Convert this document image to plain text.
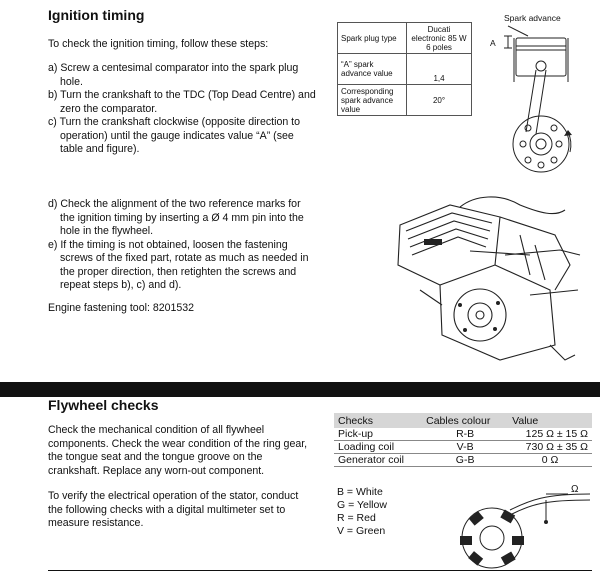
Ignition timing

To check the ignition timing, follow these steps:

a) Screw a centesimal comparator into the spark plug hole.
b) Turn the crankshaft to the TDC (Top Dead Centre) and zero the comparator.
c) Turn the crankshaft clockwise (opposite direction to operation) until the gauge indicates value “A” (see table and figure).
d) Check the alignment of the two reference marks for the ignition timing by inserting a Ø 4 mm pin into the hole in the flywheel.
e) If the timing is not obtained, loosen the fastening screws of the fixed part, rotate as much as needed in the proper direction, then retighten the screws and repeat steps b), c) and d).

Engine fastening tool: 8201532

Spark plug type	Ducati electronic 85 W 6 poles
“A” spark advance value	1,4
Corresponding spark advance value	20°
Spark advance
A
Flywheel checks

Check the mechanical condition of all flywheel components. Check the wear condition of the ring gear, the tongue seat and the tongue groove on the crankshaft. Replace any worn-out component.

To verify the electrical operation of the stator, conduct the following checks with a digital multimeter set to measure resistance.

Checks	Cables colour	Value
Pick-up	R-B	125 Ω ± 15 Ω
Loading coil	V-B	730 Ω ± 35 Ω
Generator coil	G-B	0 Ω
B = White
G = Yellow
R = Red
V = Green
Ω
